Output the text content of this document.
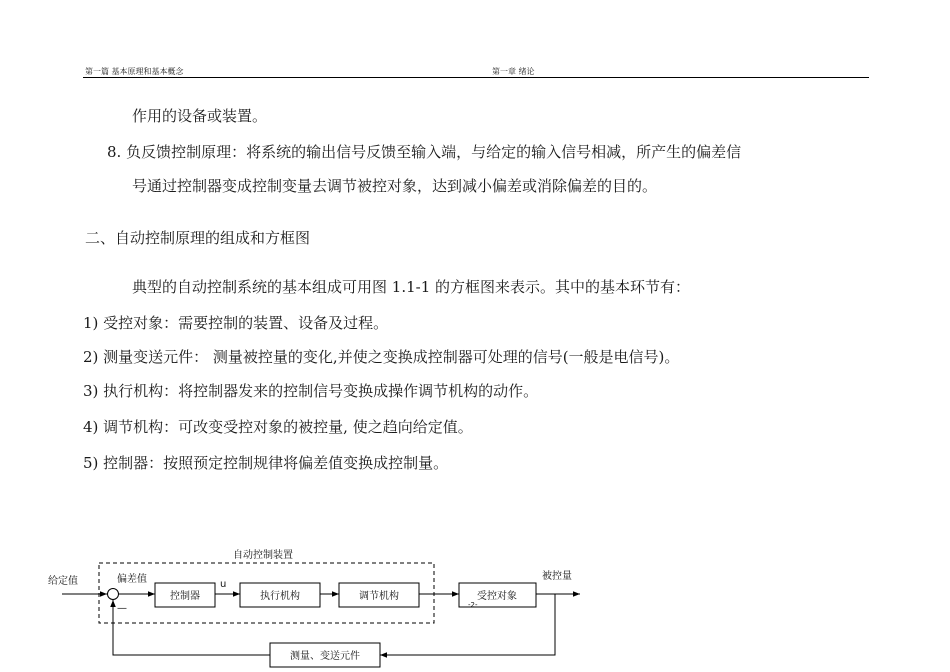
第一篇 基本原理和基本概念	第一章 绪论
作用的设备或装置。
8. 负反馈控制原理：将系统的输出信号反馈至输入端，与给定的输入信号相减，所产生的偏差信
号通过控制器变成控制变量去调节被控对象，达到减小偏差或消除偏差的目的。
二、自动控制原理的组成和方框图
典型的自动控制系统的基本组成可用图 1.1-1 的方框图来表示。其中的基本环节有：
1) 受控对象：需要控制的装置、设备及过程。
2) 测量变送元件： 测量被控量的变化,并使之变换成控制器可处理的信号(一般是电信号)。
3) 执行机构：将控制器发来的控制信号变换成操作调节机构的动作。
4) 调节机构：可改变受控对象的被控量, 使之趋向给定值。
5) 控制器：按照预定控制规律将偏差值变换成控制量。
自动控制装置
给定值	偏差值
—
控制器
u
执行机构	调节机构	受控对象
被控量
测量、变送元件
-2-
